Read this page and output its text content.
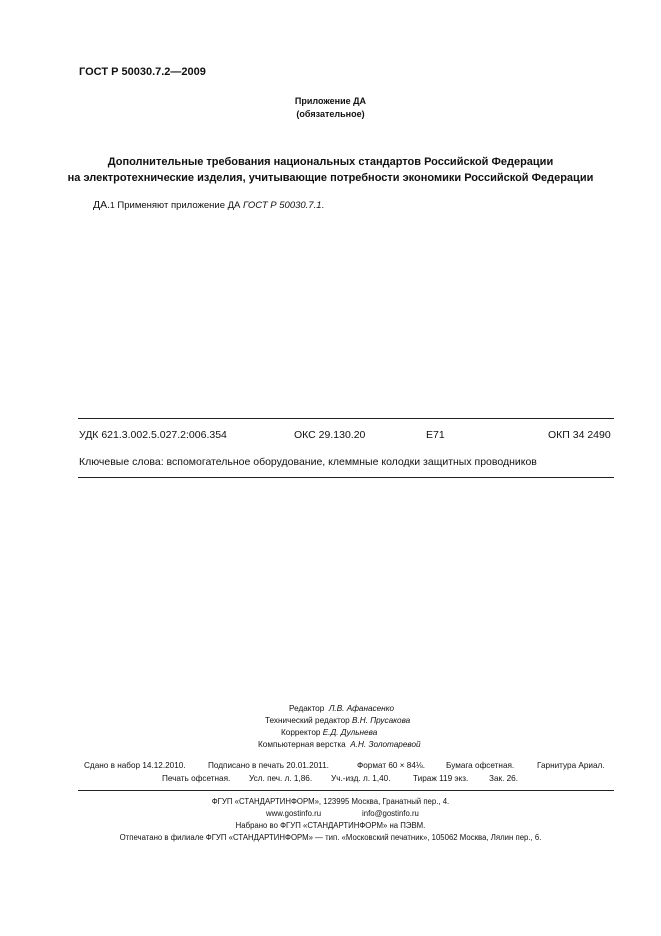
ГОСТ Р 50030.7.2—2009
Приложение ДА
(обязательное)
Дополнительные требования национальных стандартов Российской Федерации
на электротехнические изделия, учитывающие потребности экономики Российской Федерации
ДА.1 Применяют приложение ДА ГОСТ Р 50030.7.1.
УДК 621.3.002.5.027.2:006.354	ОКС 29.130.20	Е71	ОКП 34 2490
Ключевые слова: вспомогательное оборудование, клеммные колодки защитных проводников
Редактор Л.В. Афанасенко
Технический редактор В.Н. Прусакова
Корректор Е.Д. Дульнева
Компьютерная верстка А.Н. Золотаревой
Сдано в набор 14.12.2010.	Подписано в печать 20.01.2011.	Формат 60 × 84⅛.	Бумага офсетная.	Гарнитура Ариал.
Печать офсетная. Усл. печ. л. 1,86. Уч.-изд. л. 1,40.	Тираж 119 экз.	Зак. 26.
ФГУП «СТАНДАРТИНФОРМ», 123995 Москва, Гранатный пер., 4.
www.gostinfo.ru	info@gostinfo.ru
Набрано во ФГУП «СТАНДАРТИНФОРМ» на ПЭВМ.
Отпечатано в филиале ФГУП «СТАНДАРТИНФОРМ» — тип. «Московский печатник», 105062 Москва, Лялин пер., 6.
